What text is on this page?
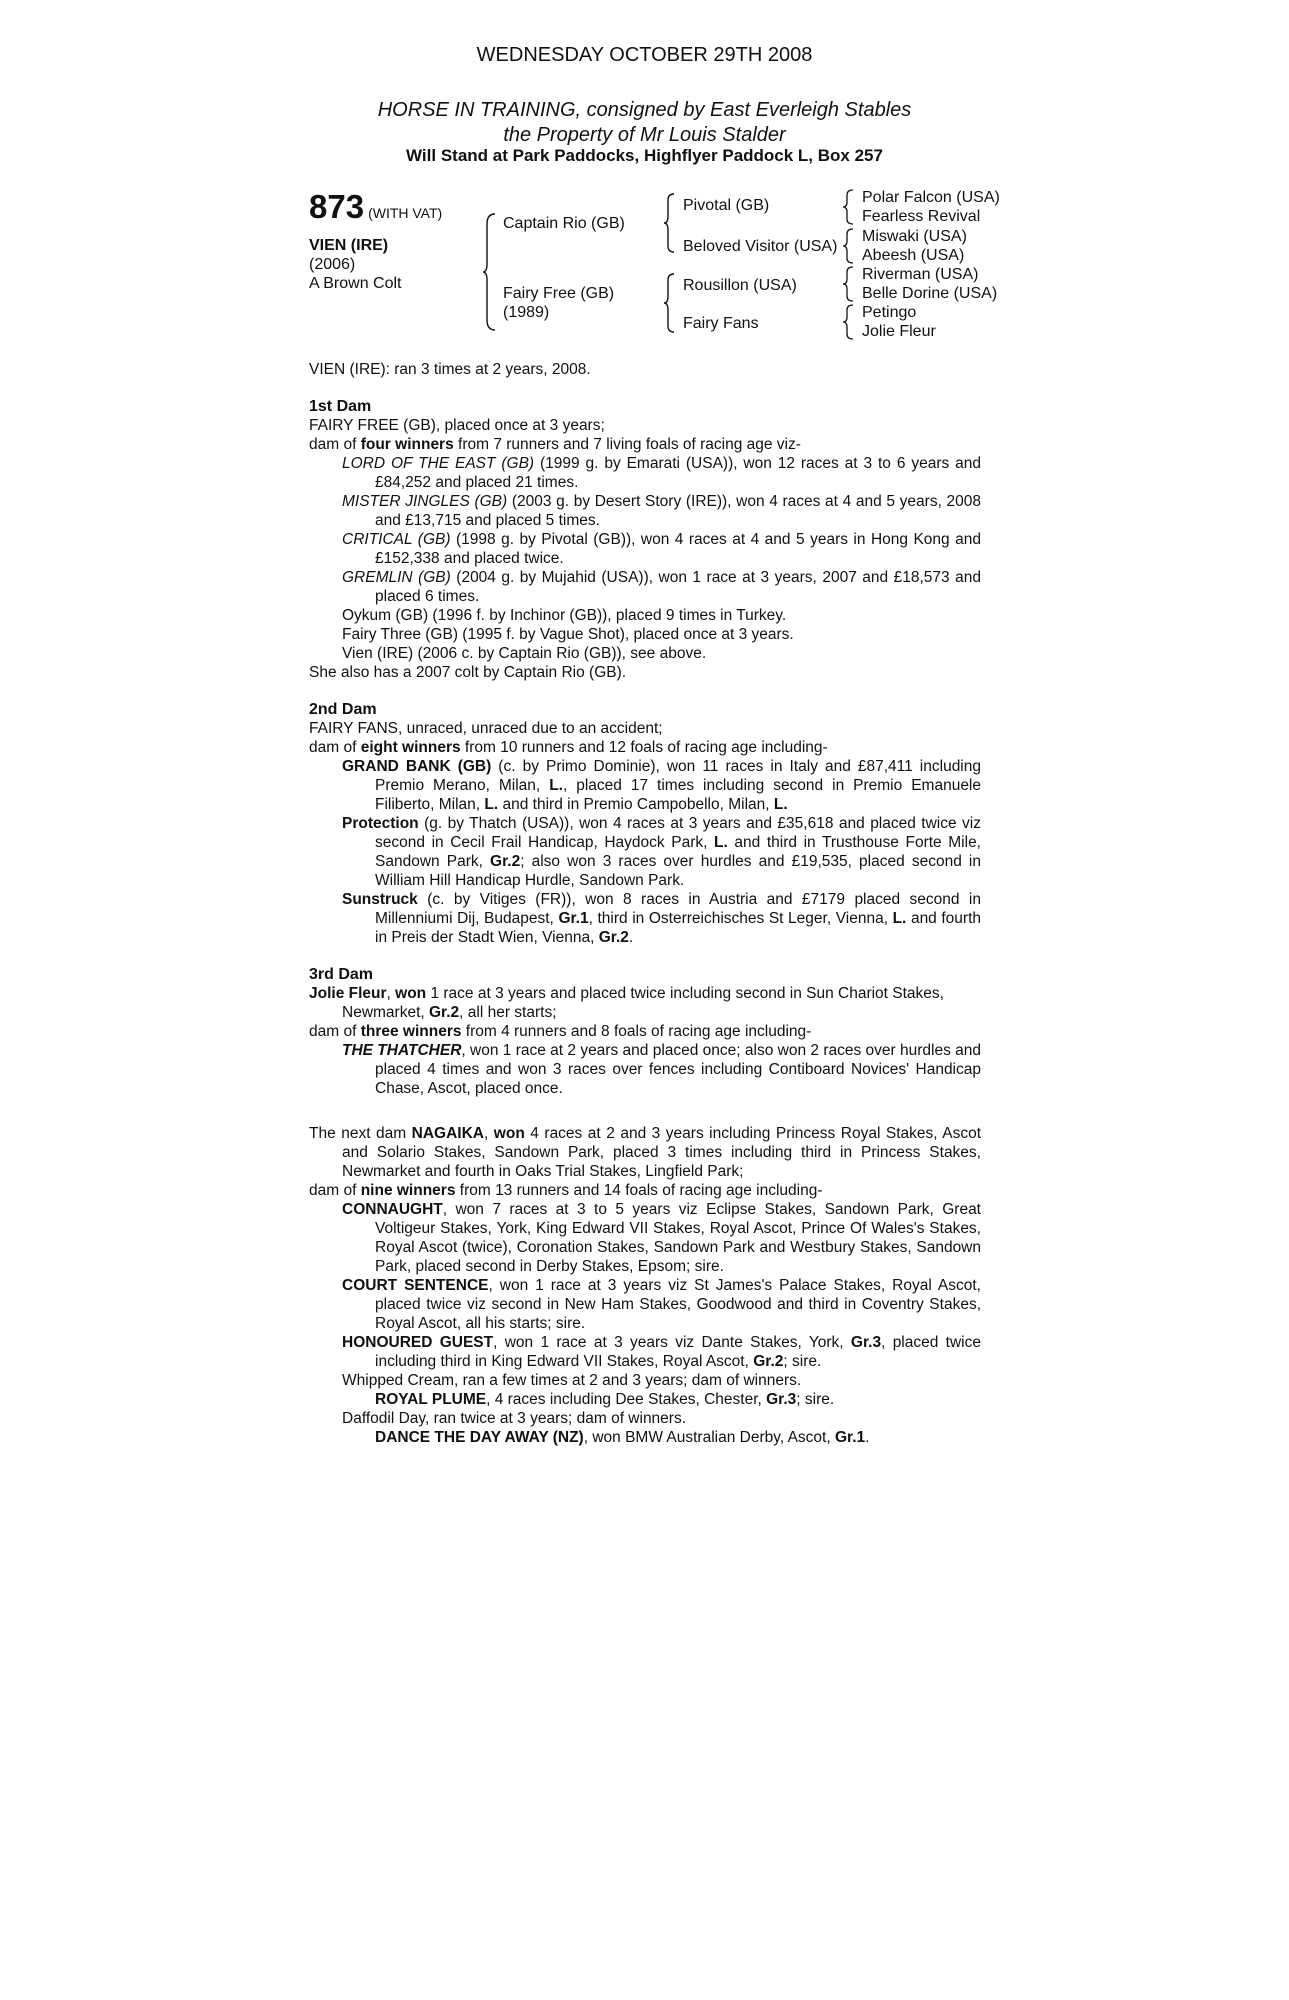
WEDNESDAY OCTOBER 29TH 2008
HORSE IN TRAINING, consigned by East Everleigh Stables
the Property of Mr Louis Stalder
Will Stand at Park Paddocks, Highflyer Paddock L, Box 257
873 (WITH VAT)
VIEN (IRE)
(2006)
A Brown Colt
Captain Rio (GB)
Fairy Free (GB)
(1989)
Pivotal (GB)
Beloved Visitor (USA)
Rousillon (USA)
Fairy Fans
Polar Falcon (USA)
Fearless Revival
Miswaki (USA)
Abeesh (USA)
Riverman (USA)
Belle Dorine (USA)
Petingo
Jolie Fleur

VIEN (IRE): ran 3 times at 2 years, 2008.

1st Dam

FAIRY FREE (GB), placed once at 3 years;

dam of four winners from 7 runners and 7 living foals of racing age viz-

LORD OF THE EAST (GB) (1999 g. by Emarati (USA)), won 12 races at 3 to 6 years and £84,252 and placed 21 times.

MISTER JINGLES (GB) (2003 g. by Desert Story (IRE)), won 4 races at 4 and 5 years, 2008 and £13,715 and placed 5 times.

CRITICAL (GB) (1998 g. by Pivotal (GB)), won 4 races at 4 and 5 years in Hong Kong and £152,338 and placed twice.

GREMLIN (GB) (2004 g. by Mujahid (USA)), won 1 race at 3 years, 2007 and £18,573 and placed 6 times.

Oykum (GB) (1996 f. by Inchinor (GB)), placed 9 times in Turkey.

Fairy Three (GB) (1995 f. by Vague Shot), placed once at 3 years.

Vien (IRE) (2006 c. by Captain Rio (GB)), see above.

She also has a 2007 colt by Captain Rio (GB).

2nd Dam

FAIRY FANS, unraced, unraced due to an accident;

dam of eight winners from 10 runners and 12 foals of racing age including-

GRAND BANK (GB) (c. by Primo Dominie), won 11 races in Italy and £87,411 including Premio Merano, Milan, L., placed 17 times including second in Premio Emanuele Filiberto, Milan, L. and third in Premio Campobello, Milan, L.

Protection (g. by Thatch (USA)), won 4 races at 3 years and £35,618 and placed twice viz second in Cecil Frail Handicap, Haydock Park, L. and third in Trusthouse Forte Mile, Sandown Park, Gr.2; also won 3 races over hurdles and £19,535, placed second in William Hill Handicap Hurdle, Sandown Park.

Sunstruck (c. by Vitiges (FR)), won 8 races in Austria and £7179 placed second in Millenniumi Dij, Budapest, Gr.1, third in Osterreichisches St Leger, Vienna, L. and fourth in Preis der Stadt Wien, Vienna, Gr.2.

3rd Dam

Jolie Fleur, won 1 race at 3 years and placed twice including second in Sun Chariot Stakes, Newmarket, Gr.2, all her starts;

dam of three winners from 4 runners and 8 foals of racing age including-

THE THATCHER, won 1 race at 2 years and placed once; also won 2 races over hurdles and placed 4 times and won 3 races over fences including Contiboard Novices' Handicap Chase, Ascot, placed once.

The next dam NAGAIKA, won 4 races at 2 and 3 years including Princess Royal Stakes, Ascot and Solario Stakes, Sandown Park, placed 3 times including third in Princess Stakes, Newmarket and fourth in Oaks Trial Stakes, Lingfield Park;

dam of nine winners from 13 runners and 14 foals of racing age including-

CONNAUGHT, won 7 races at 3 to 5 years viz Eclipse Stakes, Sandown Park, Great Voltigeur Stakes, York, King Edward VII Stakes, Royal Ascot, Prince Of Wales's Stakes, Royal Ascot (twice), Coronation Stakes, Sandown Park and Westbury Stakes, Sandown Park, placed second in Derby Stakes, Epsom; sire.

COURT SENTENCE, won 1 race at 3 years viz St James's Palace Stakes, Royal Ascot, placed twice viz second in New Ham Stakes, Goodwood and third in Coventry Stakes, Royal Ascot, all his starts; sire.

HONOURED GUEST, won 1 race at 3 years viz Dante Stakes, York, Gr.3, placed twice including third in King Edward VII Stakes, Royal Ascot, Gr.2; sire.

Whipped Cream, ran a few times at 2 and 3 years; dam of winners.

ROYAL PLUME, 4 races including Dee Stakes, Chester, Gr.3; sire.

Daffodil Day, ran twice at 3 years; dam of winners.

DANCE THE DAY AWAY (NZ), won BMW Australian Derby, Ascot, Gr.1.
